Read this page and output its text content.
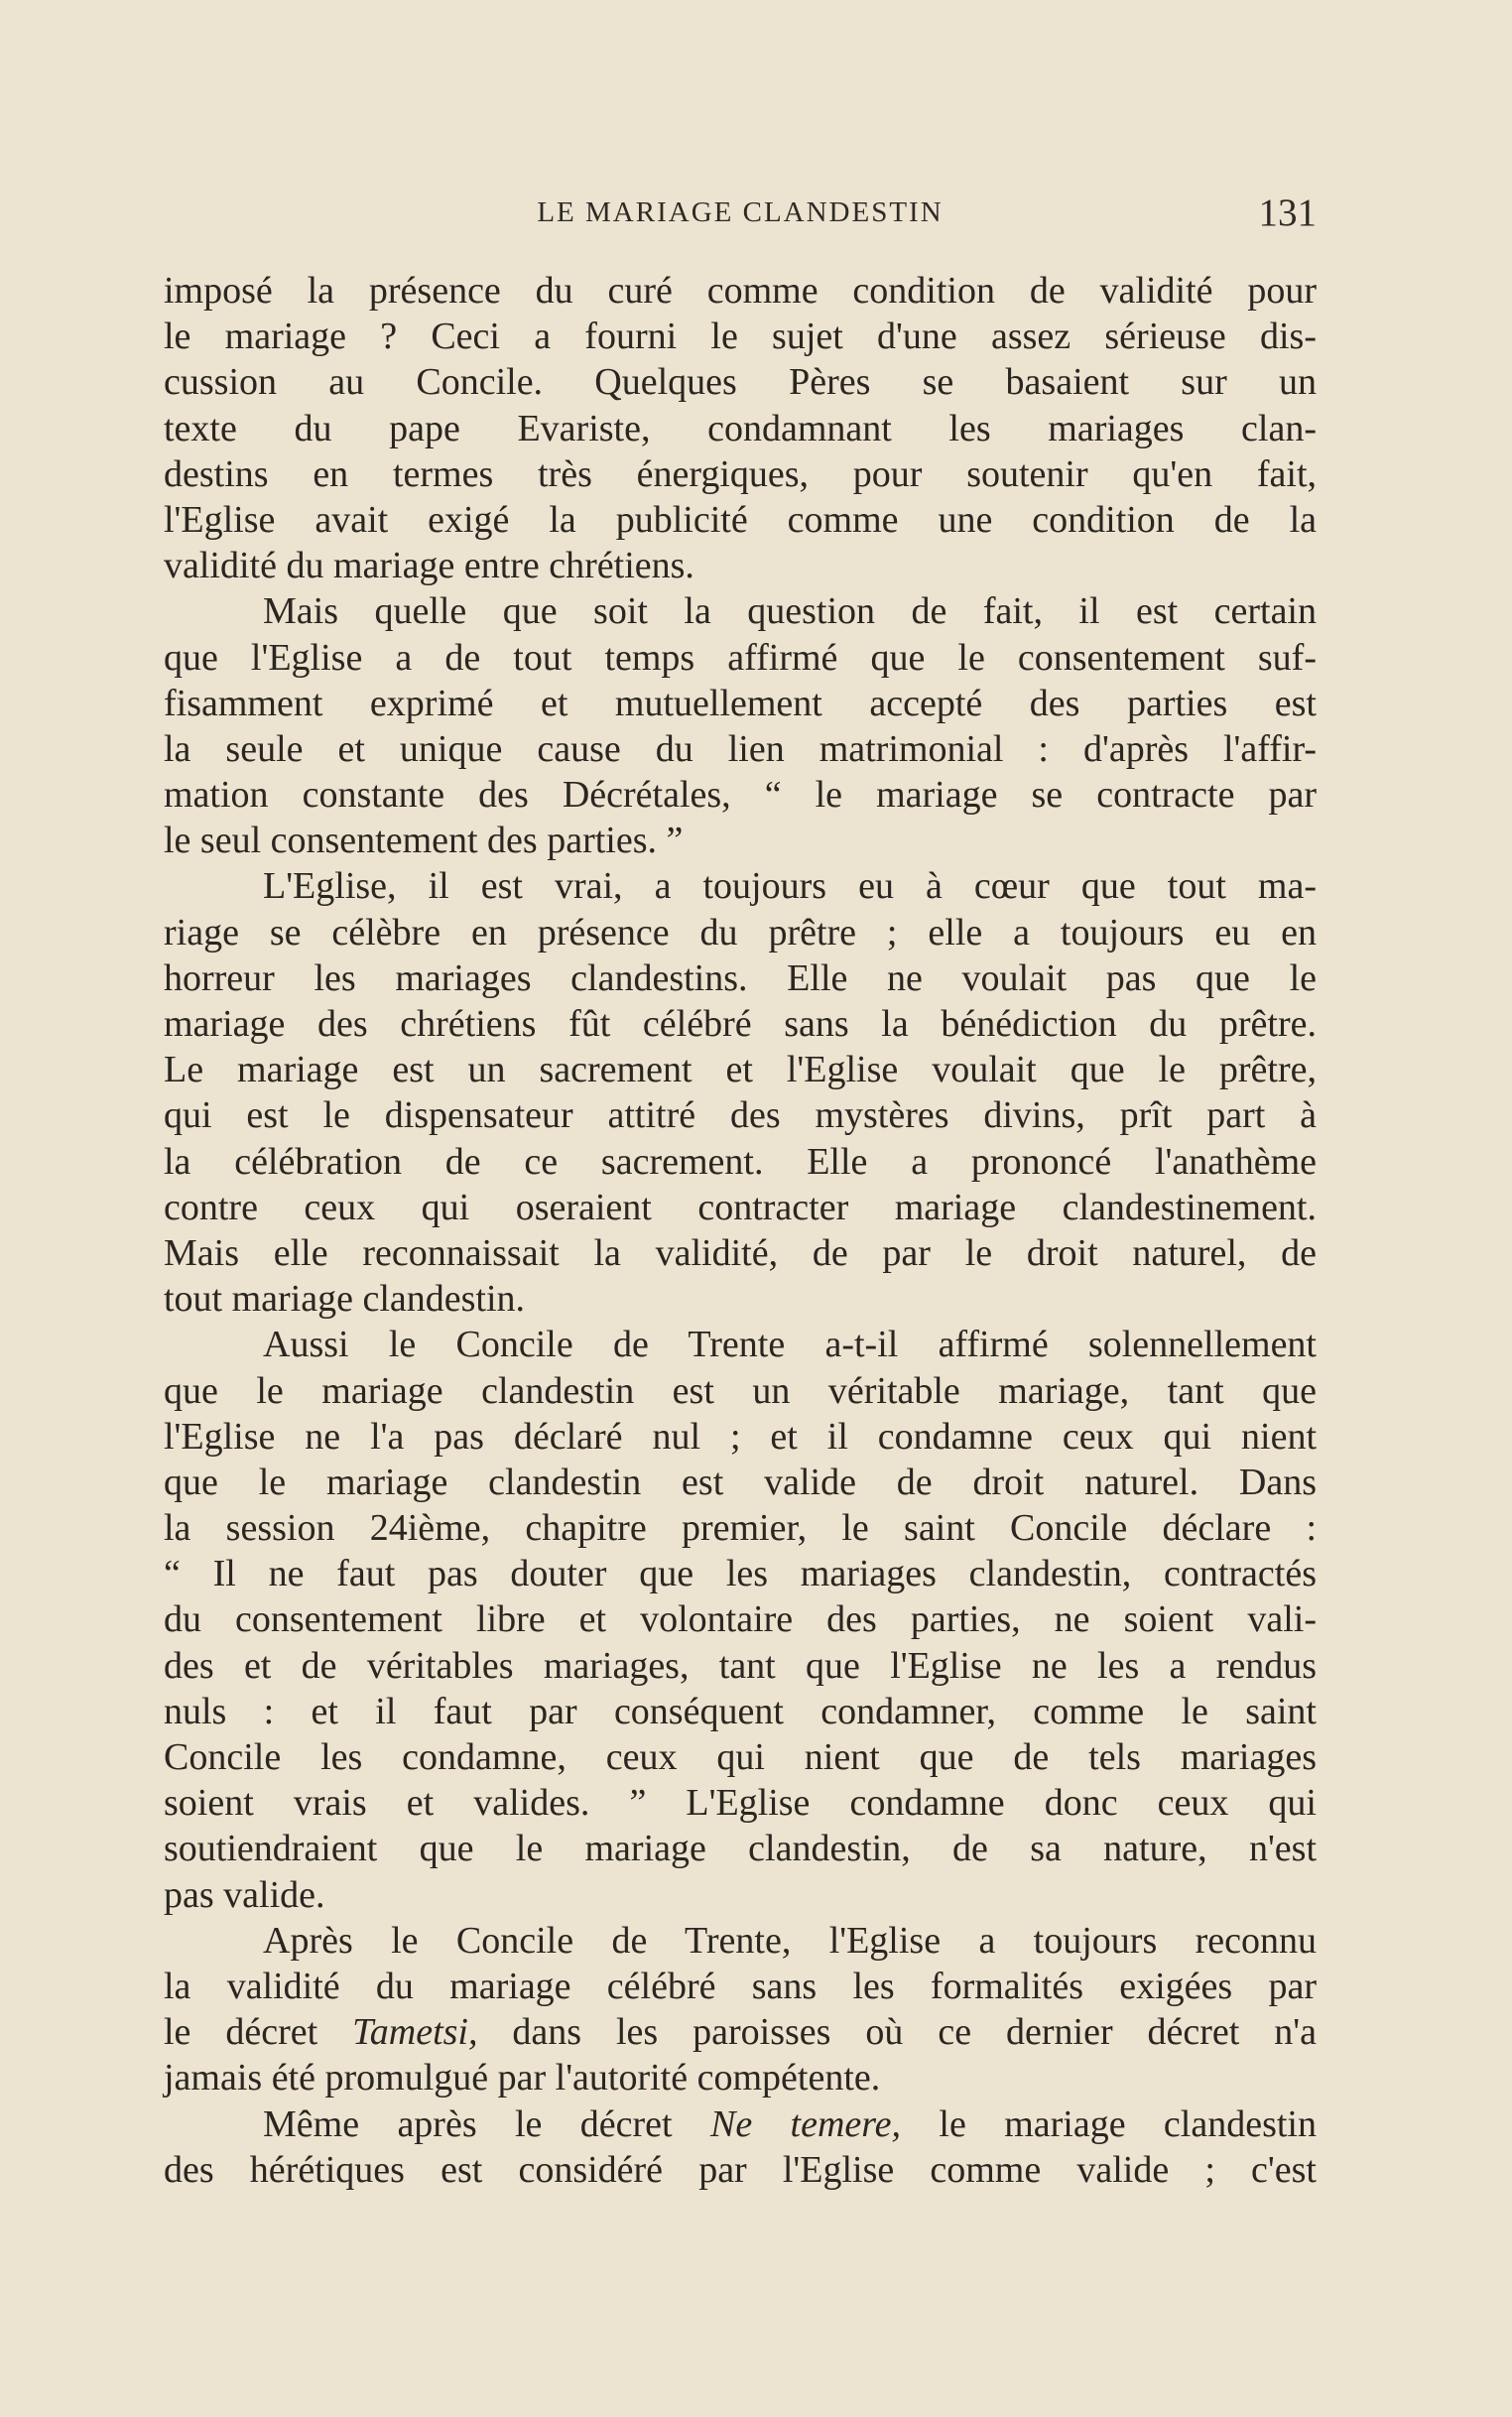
LE MARIAGE CLANDESTIN	131
imposé la présence du curé comme condition de validité pour
le mariage ? Ceci a fourni le sujet d'une assez sérieuse dis-
cussion au Concile. Quelques Pères se basaient sur un
texte du pape Evariste, condamnant les mariages clan-
destins en termes très énergiques, pour soutenir qu'en fait,
l'Eglise avait exigé la publicité comme une condition de la
validité du mariage entre chrétiens.
Mais quelle que soit la question de fait, il est certain
que l'Eglise a de tout temps affirmé que le consentement suf-
fisamment exprimé et mutuellement accepté des parties est
la seule et unique cause du lien matrimonial : d'après l'affir-
mation constante des Décrétales, “ le mariage se contracte par
le seul consentement des parties. ”
L'Eglise, il est vrai, a toujours eu à cœur que tout ma-
riage se célèbre en présence du prêtre ; elle a toujours eu en
horreur les mariages clandestins. Elle ne voulait pas que le
mariage des chrétiens fût célébré sans la bénédiction du prêtre.
Le mariage est un sacrement et l'Eglise voulait que le prêtre,
qui est le dispensateur attitré des mystères divins, prît part à
la célébration de ce sacrement. Elle a prononcé l'anathème
contre ceux qui oseraient contracter mariage clandestinement.
Mais elle reconnaissait la validité, de par le droit naturel, de
tout mariage clandestin.
Aussi le Concile de Trente a-t-il affirmé solennellement
que le mariage clandestin est un véritable mariage, tant que
l'Eglise ne l'a pas déclaré nul ; et il condamne ceux qui nient
que le mariage clandestin est valide de droit naturel. Dans
la session 24ième, chapitre premier, le saint Concile déclare :
“ Il ne faut pas douter que les mariages clandestin, contractés
du consentement libre et volontaire des parties, ne soient vali-
des et de véritables mariages, tant que l'Eglise ne les a rendus
nuls : et il faut par conséquent condamner, comme le saint
Concile les condamne, ceux qui nient que de tels mariages
soient vrais et valides. ” L'Eglise condamne donc ceux qui
soutiendraient que le mariage clandestin, de sa nature, n'est
pas valide.
Après le Concile de Trente, l'Eglise a toujours reconnu
la validité du mariage célébré sans les formalités exigées par
le décret Tametsi, dans les paroisses où ce dernier décret n'a
jamais été promulgué par l'autorité compétente.
Même après le décret Ne temere, le mariage clandestin
des hérétiques est considéré par l'Eglise comme valide ; c'est
